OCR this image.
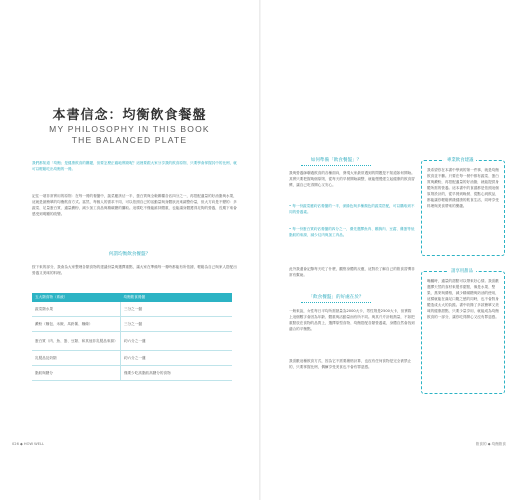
本書信念：均衡飲食餐盤
MY PHILOSOPHY IN THIS BOOK
THE BALANCED PLATE

我們都知道「均衡」是健康飲食的關鍵，但要怎麼正確地實踐呢？這裡要跟大家分享我的飲食原則，只要學會掌握其中的比例，就可以輕鬆吃出均衡的一餐。

記住一項非常實用的原則：在每一餐的餐盤中，蔬菜應該佔一半，蛋白質與全穀雜糧各佔四分之一，再搭配適量的好油脂與水果，這就是最簡單的均衡飲食方式。當然，每個人的需求不同，可以依照自己的活動量與身體狀況來調整份量，但大方向是不變的：多蔬菜、足量蛋白質、適量澱粉，減少加工食品與精緻糖的攝取。這樣吃不僅能維持體重，也能讓身體獲得足夠的營養，長期下來會感受到明顯的改變。

何謂均衡飲食餐盤？

按下來的部分，我會為大家整理各類食物的建議份量與選擇重點，讓大家在準備每一餐時都能有所依據，輕鬆為自己與家人搭配出營養又美味的料理。

五大類食物（系統）	均衡飲食餐盤
蔬菜類水果	三分之一盤
澱粉（麵包、米飯、馬鈴薯、麵條）	三分之一盤
蛋白質（肉、魚、蛋、豆類、和其他非乳製品來源）	約六分之一盤
乳製品及奶類	約六分之一盤
脂肪與糖分	僅要少吃高脂肪高糖分的食物
026 ◆ HOW WELL
如何準備「飲食餐盤」？

我與營養師聊過飲食的各種面向，發現大家最常遇到的問題是不知道如何開始。其實只要把握幾個原則，從每天的早餐開始調整，就能慢慢建立起健康的飲食習慣，讓自己吃得開心又安心。

• 每一份蔬菜應約佔餐盤的一半，深綠色與多種顏色的蔬菜搭配，可以攝取到不同的營養素。

• 每一份蛋白質約佔餐盤的四分之一，優先選擇魚肉、雞胸肉、豆腐、雞蛋等低脂肪的來源，減少紅肉與加工肉品。

此外我還會記錄每天吃了什麼，觀察身體的反應，這對於了解自己的飲食習慣非常有幫助。

「飲食餐盤」的好處在於？

一般來說，女性每日平均所需熱量為2000大卡，男性則是2500大卡，但實際上這個數字會因為年齡、體重與活動量而有所不同。與其斤斤計較熱量，不如把重點放在食物的品質上，選擇原型食物、均衡搭配各類營養素，身體自然會找到適合的平衡點。

我喜歡這種飲食方式，因為它不需要嚴格計算，也沒有任何食物是完全被禁止的，只要掌握比例，偶爾享受美食也不會有罪惡感。

專業飲食建議

我希望你在本書中學到的第一件事，就是均衡飲食並不難。只要在每一餐中都有蔬菜、蛋白質與澱粉，再搭配適量的好油脂，就能提供身體所需的營養。這本書中的食譜都是依照這個原則設計的，從早餐到晚餐、從點心到飲品，都能讓你輕鬆實踐健康的飲食生活，同時享受料理與美食帶來的樂趣。

請享用甜品

嘴饞時，適量的甜點可以帶來好心情。我喜歡選擇天然的食材來製作甜點，像是水果、堅果、燕麥與優格，減少精緻糖與奶油的使用，這樣就能在滿足口腹之慾的同時，也不會對身體造成太大的負擔。書中收錄了多款簡單又美味的健康甜點，只要少量享用，就能成為均衡飲食的一部分，讓你吃得開心又沒有罪惡感。

飲食的 ◆ 均衡飲食
